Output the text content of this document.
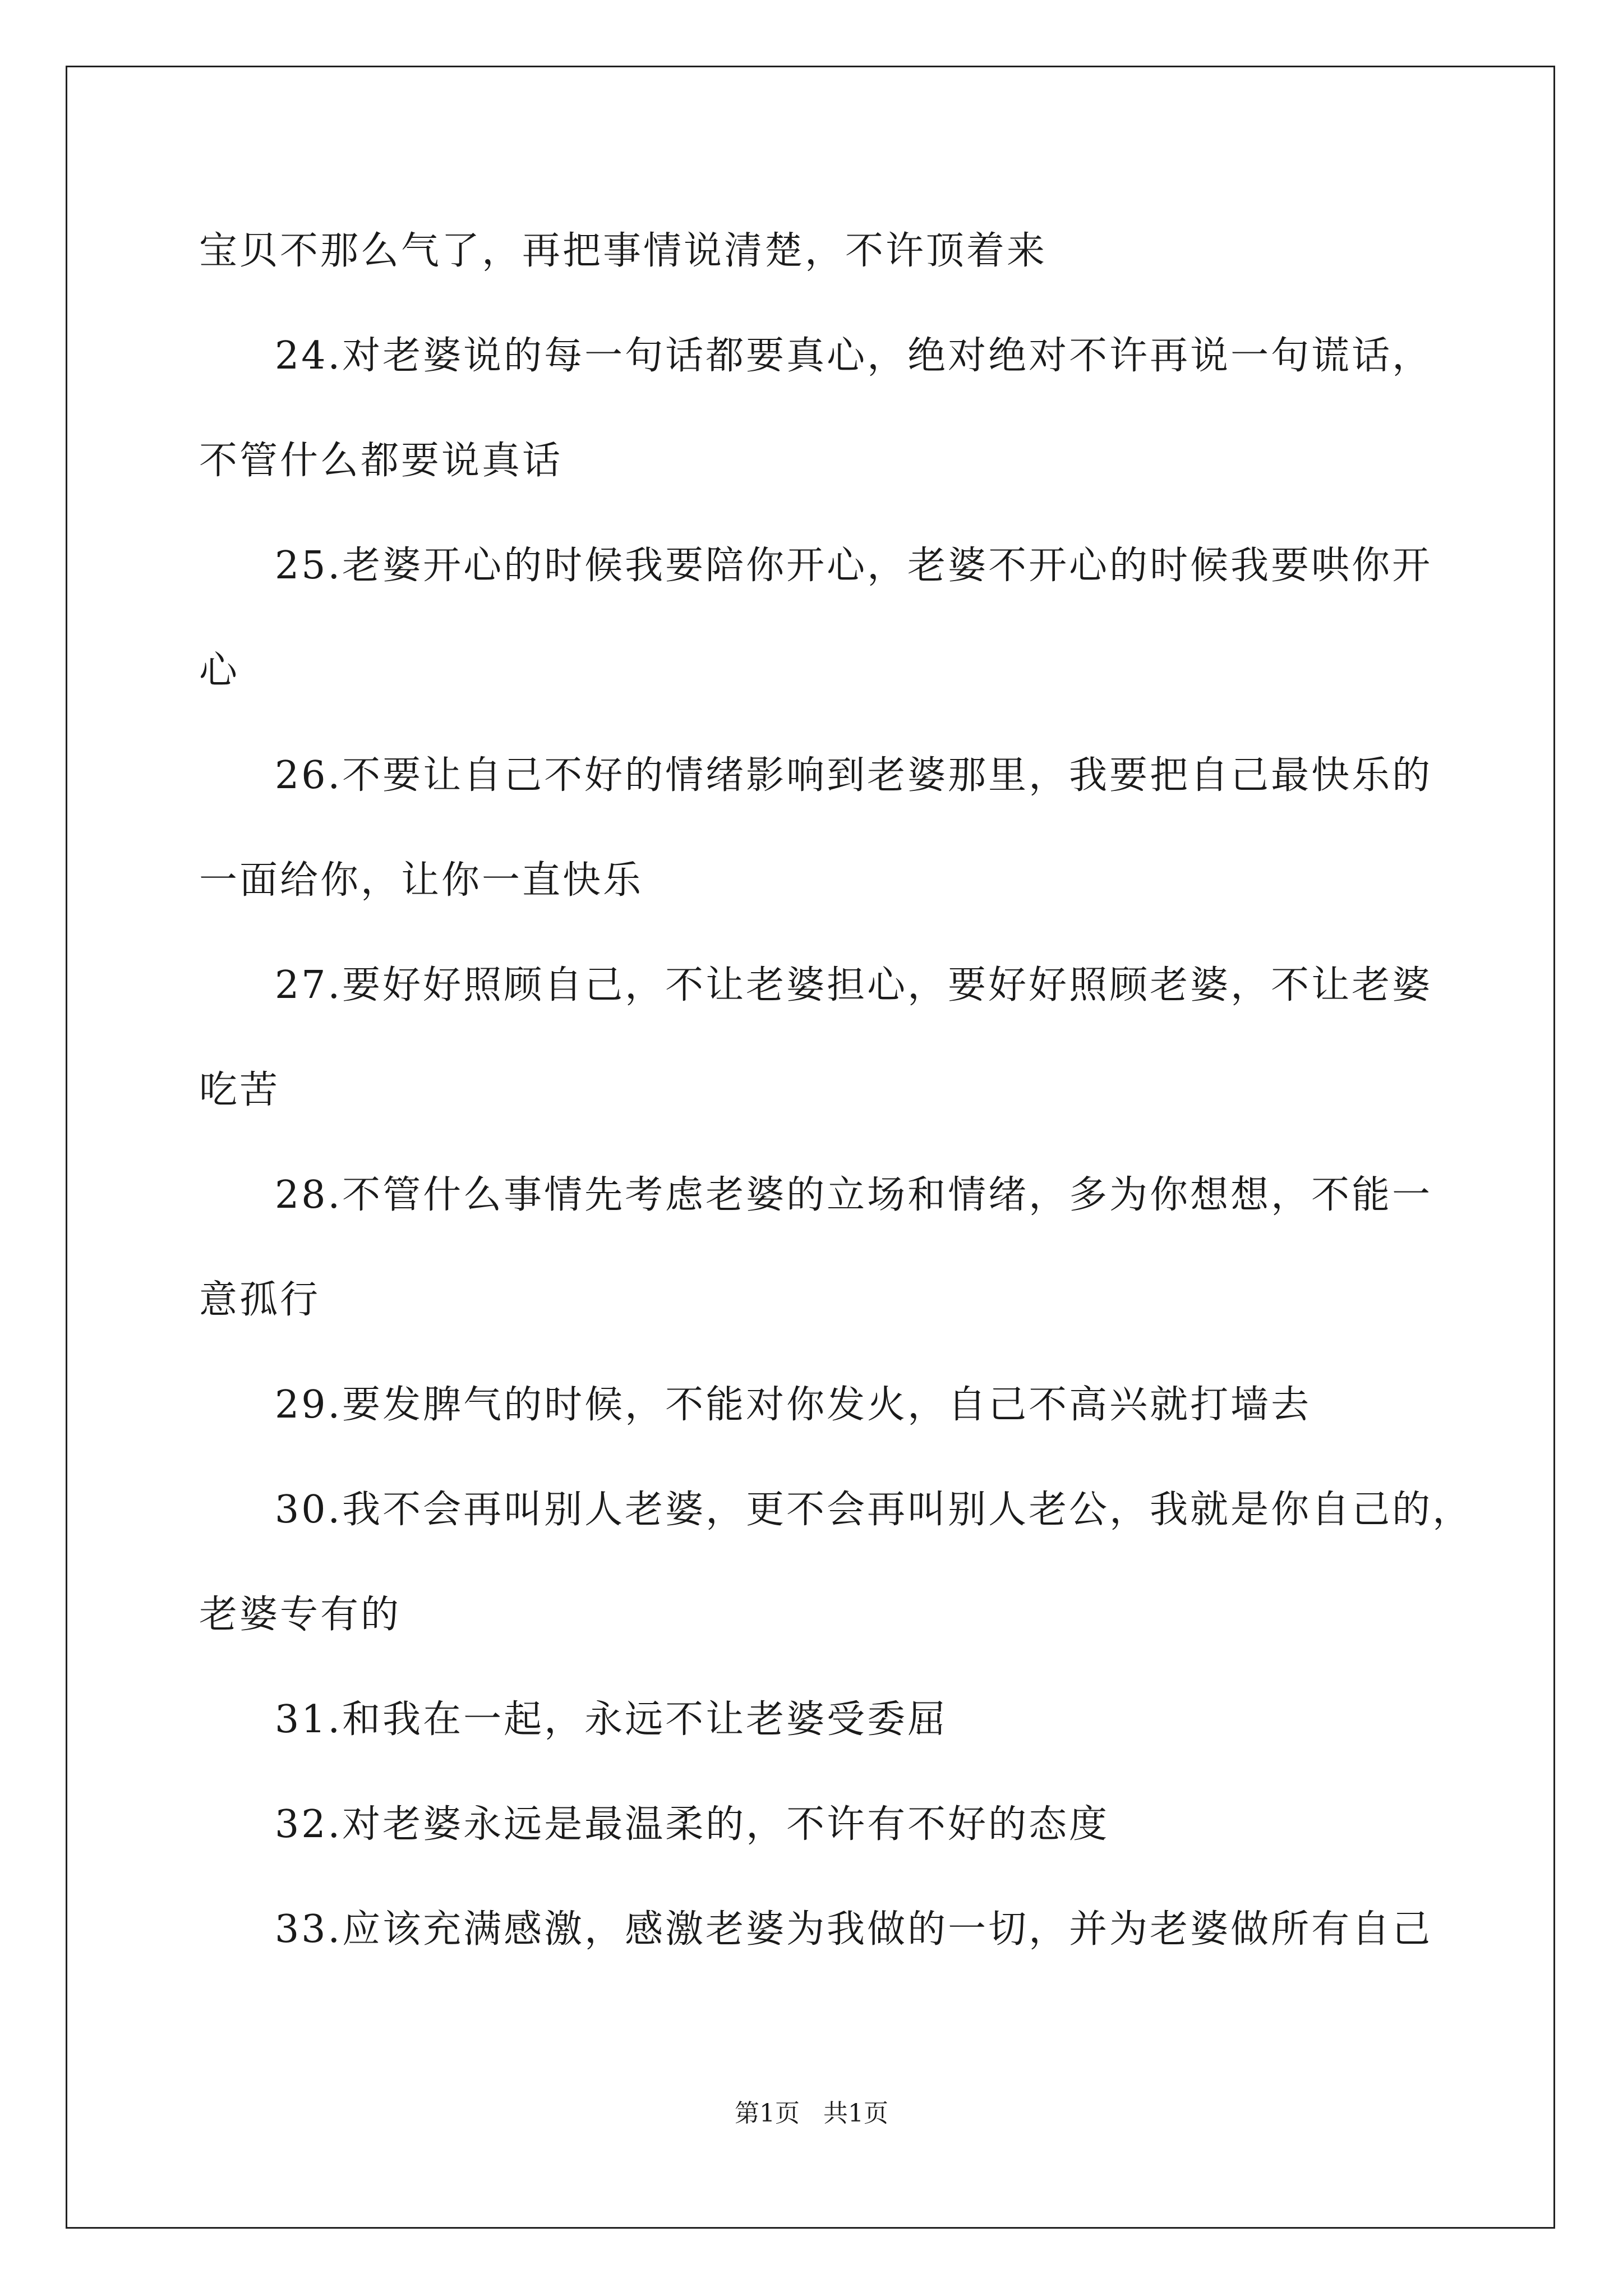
宝贝不那么气了，再把事情说清楚，不许顶着来
24.对老婆说的每一句话都要真心，绝对绝对不许再说一句谎话，
不管什么都要说真话
25.老婆开心的时候我要陪你开心，老婆不开心的时候我要哄你开
心
26.不要让自己不好的情绪影响到老婆那里，我要把自己最快乐的
一面给你，让你一直快乐
27.要好好照顾自己，不让老婆担心，要好好照顾老婆，不让老婆
吃苦
28.不管什么事情先考虑老婆的立场和情绪，多为你想想，不能一
意孤行
29.要发脾气的时候，不能对你发火，自己不高兴就打墙去
30.我不会再叫别人老婆，更不会再叫别人老公，我就是你自己的，
老婆专有的
31.和我在一起，永远不让老婆受委屈
32.对老婆永远是最温柔的，不许有不好的态度
33.应该充满感激，感激老婆为我做的一切，并为老婆做所有自己
第1页   共1页
